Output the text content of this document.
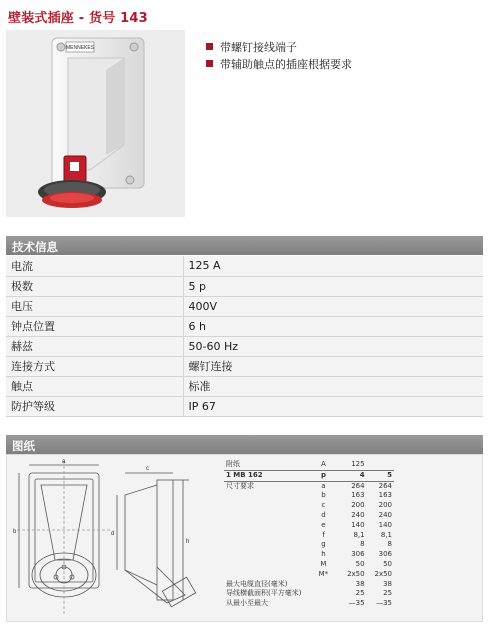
壁装式插座 - 货号 143
MENNEKES	带螺钉接线端子
带辅助触点的插座根据要求
技术信息
电流	125 A
极数	5 p
电压	400V
钟点位置	6 h
赫兹	50-60 Hz
连接方式	螺钉连接
触点	标准
防护等级	IP 67
图纸
a
b
c
h
d
附纸	A	125	
1 MB 162	p	4	5
尺寸要求	a	264	264
	b	163	163
	c	200	200
	d	240	240
	e	140	140
	f	8,1	8,1
	g	8	8
	h	306	306
	M	50	50
	M*	2x50	2x50
最大电缆直径(毫米)		38	38
导线横截面积(平方毫米)		25	25
从最小至最大		—35	—35
